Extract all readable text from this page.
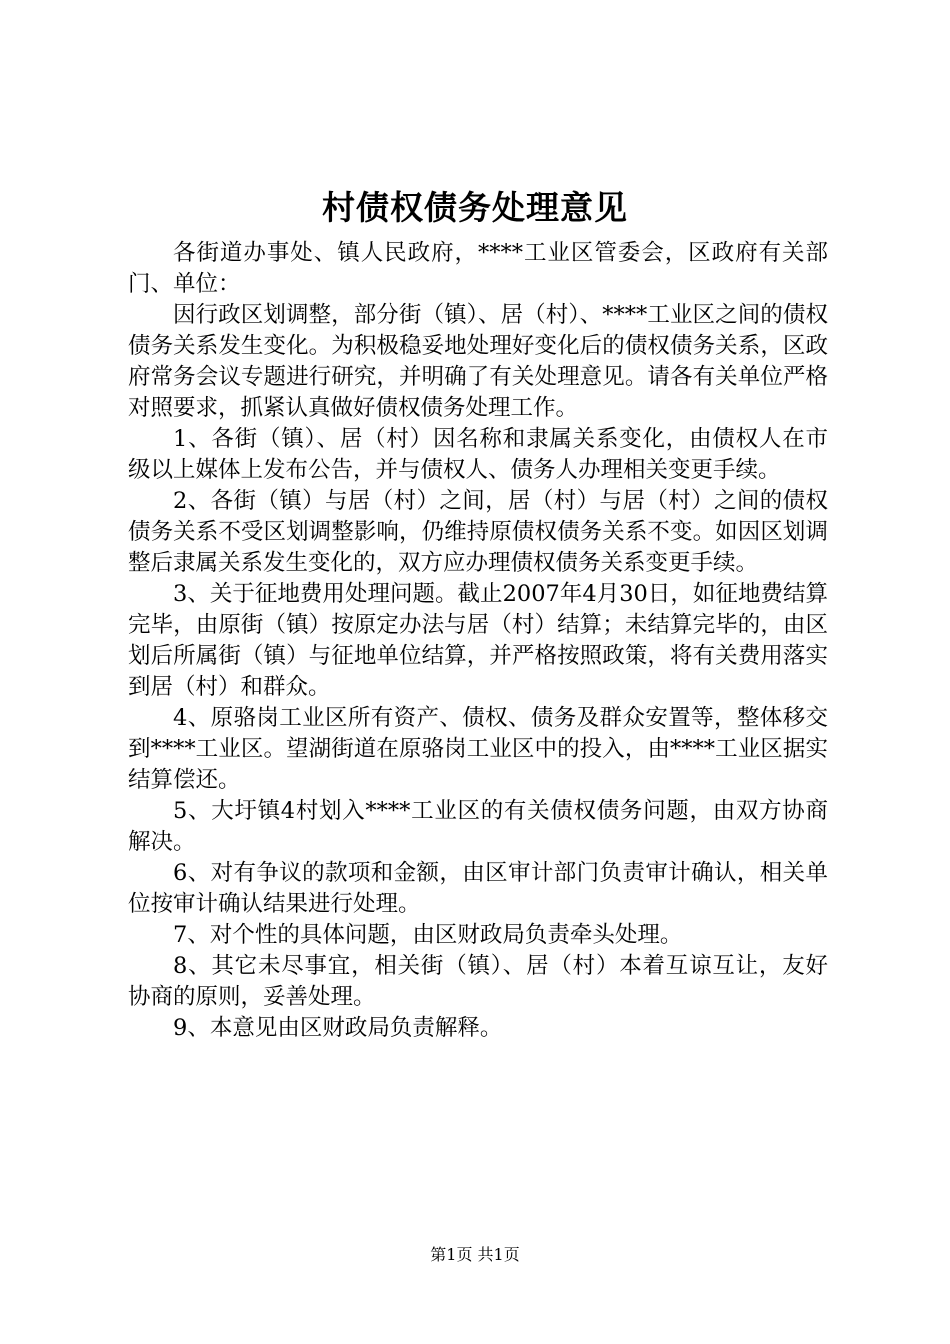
村债权债务处理意见

各街道办事处、镇人民政府，****工业区管委会，区政府有关部门、单位：

因行政区划调整，部分街（镇）、居（村）、****工业区之间的债权债务关系发生变化。为积极稳妥地处理好变化后的债权债务关系，区政府常务会议专题进行研究，并明确了有关处理意见。请各有关单位严格对照要求，抓紧认真做好债权债务处理工作。

1、各街（镇）、居（村）因名称和隶属关系变化，由债权人在市级以上媒体上发布公告，并与债权人、债务人办理相关变更手续。

2、各街（镇）与居（村）之间，居（村）与居（村）之间的债权债务关系不受区划调整影响，仍维持原债权债务关系不变。如因区划调整后隶属关系发生变化的，双方应办理债权债务关系变更手续。

3、关于征地费用处理问题。截止2007年4月30日，如征地费结算完毕，由原街（镇）按原定办法与居（村）结算；未结算完毕的，由区划后所属街（镇）与征地单位结算，并严格按照政策，将有关费用落实到居（村）和群众。

4、原骆岗工业区所有资产、债权、债务及群众安置等，整体移交到****工业区。望湖街道在原骆岗工业区中的投入，由****工业区据实结算偿还。

5、大圩镇4村划入****工业区的有关债权债务问题，由双方协商解决。

6、对有争议的款项和金额，由区审计部门负责审计确认，相关单位按审计确认结果进行处理。

7、对个性的具体问题，由区财政局负责牵头处理。

8、其它未尽事宜，相关街（镇）、居（村）本着互谅互让，友好协商的原则，妥善处理。

9、本意见由区财政局负责解释。

第1页 共1页
